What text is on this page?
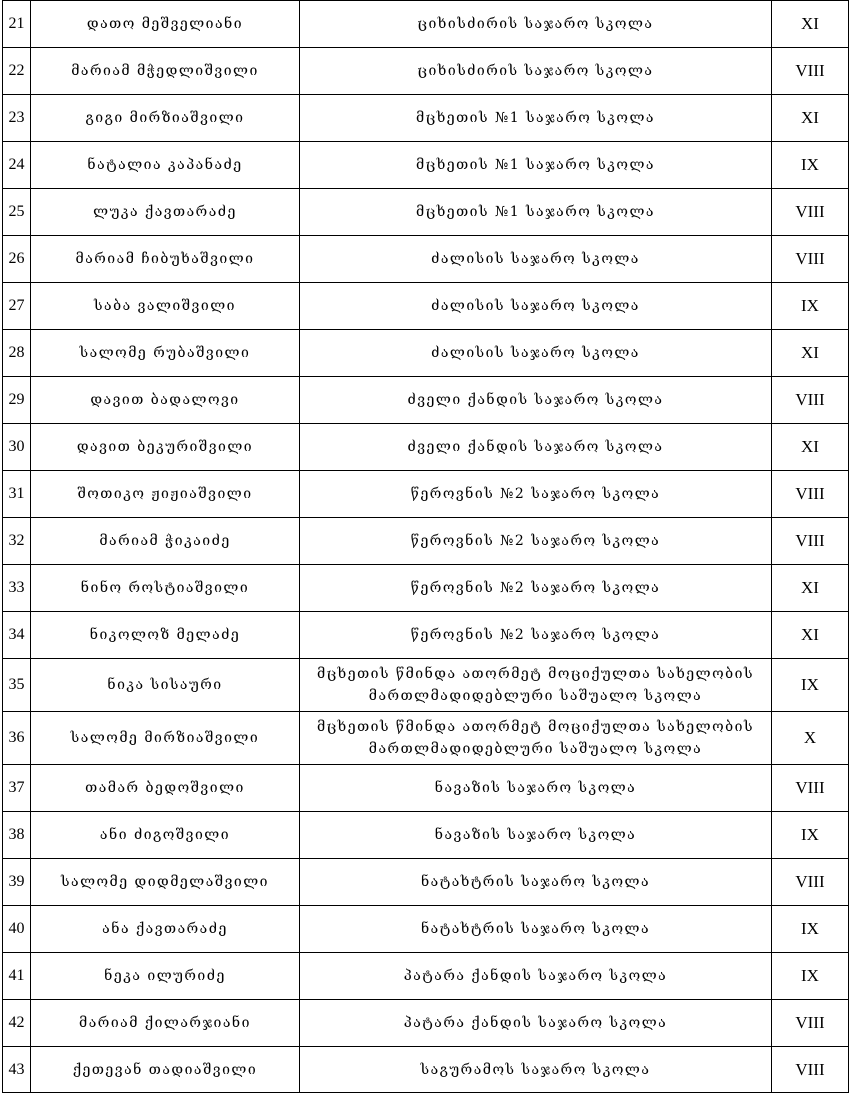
21	დათო მეშველიანი	ციხისძირის საჯარო სკოლა	XI
22	მარიამ მჭედლიშვილი	ციხისძირის საჯარო სკოლა	VIII
23	გიგი მირზიაშვილი	მცხეთის №1 საჯარო სკოლა	XI
24	ნატალია კაპანაძე	მცხეთის №1 საჯარო სკოლა	IX
25	ლუკა ქავთარაძე	მცხეთის №1 საჯარო სკოლა	VIII
26	მარიამ ჩიბუხაშვილი	ძალისის საჯარო სკოლა	VIII
27	საბა ვალიშვილი	ძალისის საჯარო სკოლა	IX
28	სალომე რუბაშვილი	ძალისის საჯარო სკოლა	XI
29	დავით ბადალოვი	ძველი ქანდის საჯარო სკოლა	VIII
30	დავით ბეკურიშვილი	ძველი ქანდის საჯარო სკოლა	XI
31	შოთიკო ჟიჟიაშვილი	წეროვნის №2 საჯარო სკოლა	VIII
32	მარიამ ჭიკაიძე	წეროვნის №2 საჯარო სკოლა	VIII
33	ნინო როსტიაშვილი	წეროვნის №2 საჯარო სკოლა	XI
34	ნიკოლოზ მელაძე	წეროვნის №2 საჯარო სკოლა	XI
35	ნიკა სისაური	მცხეთის წმინდა ათორმეტ მოციქულთა სახელობის
მართლმადიდებლური საშუალო სკოლა	IX
36	სალომე მირზიაშვილი	მცხეთის წმინდა ათორმეტ მოციქულთა სახელობის
მართლმადიდებლური საშუალო სკოლა	X
37	თამარ ბედოშვილი	ნავაზის საჯარო სკოლა	VIII
38	ანი ძიგოშვილი	ნავაზის საჯარო სკოლა	IX
39	სალომე დიდმელაშვილი	ნატახტრის საჯარო სკოლა	VIII
40	ანა ქავთარაძე	ნატახტრის საჯარო სკოლა	IX
41	ნეკა ილურიძე	პატარა ქანდის საჯარო სკოლა	IX
42	მარიამ ქილარჯიანი	პატარა ქანდის საჯარო სკოლა	VIII
43	ქეთევან თადიაშვილი	საგურამოს საჯარო სკოლა	VIII
